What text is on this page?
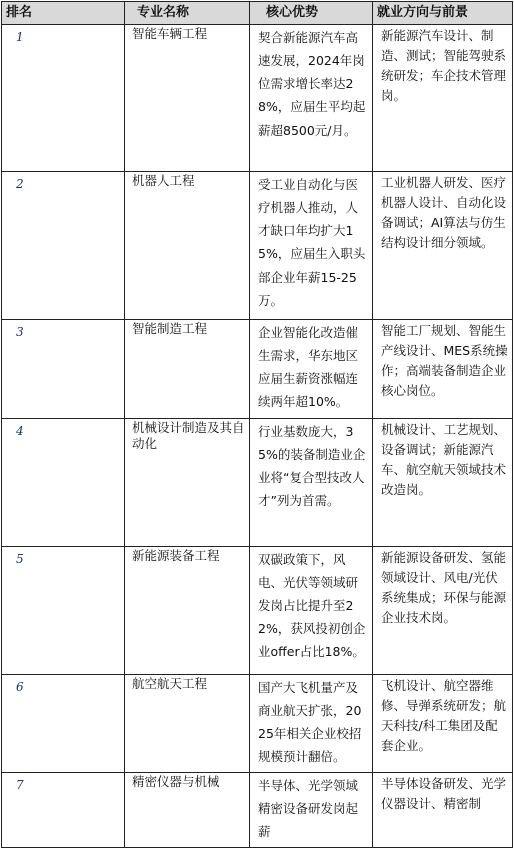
排名	专业名称	核心优势	就业方向与前景
1	智能车辆工程	契合新能源汽车高速发展，2024年岗位需求增长率达28%，应届生平均起薪超8500元/月。	新能源汽车设计、制造、测试；智能驾驶系统研发；车企技术管理岗。
2	机器人工程	受工业自动化与医疗机器人推动，人才缺口年均扩大15%，应届生入职头部企业年薪15-25万。	工业机器人研发、医疗机器人设计、自动化设备调试；AI算法与仿生结构设计细分领域。
3	智能制造工程	企业智能化改造催生需求，华东地区应届生薪资涨幅连续两年超10%。	智能工厂规划、智能生产线设计、MES系统操作；高端装备制造企业核心岗位。
4	机械设计制造及其自动化	行业基数庞大，35%的装备制造业企业将“复合型技改人才”列为首需。	机械设计、工艺规划、设备调试；新能源汽车、航空航天领域技术改造岗。
5	新能源装备工程	双碳政策下，风电、光伏等领域研发岗占比提升至22%，获风投初创企业offer占比18%。	新能源设备研发、氢能领域设计、风电/光伏系统集成；环保与能源企业技术岗。
6	航空航天工程	国产大飞机量产及商业航天扩张，2025年相关企业校招规模预计翻倍。	飞机设计、航空器维修、导弹系统研发；航天科技/科工集团及配套企业。
7	精密仪器与机械	半导体、光学领域精密设备研发岗起薪	半导体设备研发、光学仪器设计、精密制
